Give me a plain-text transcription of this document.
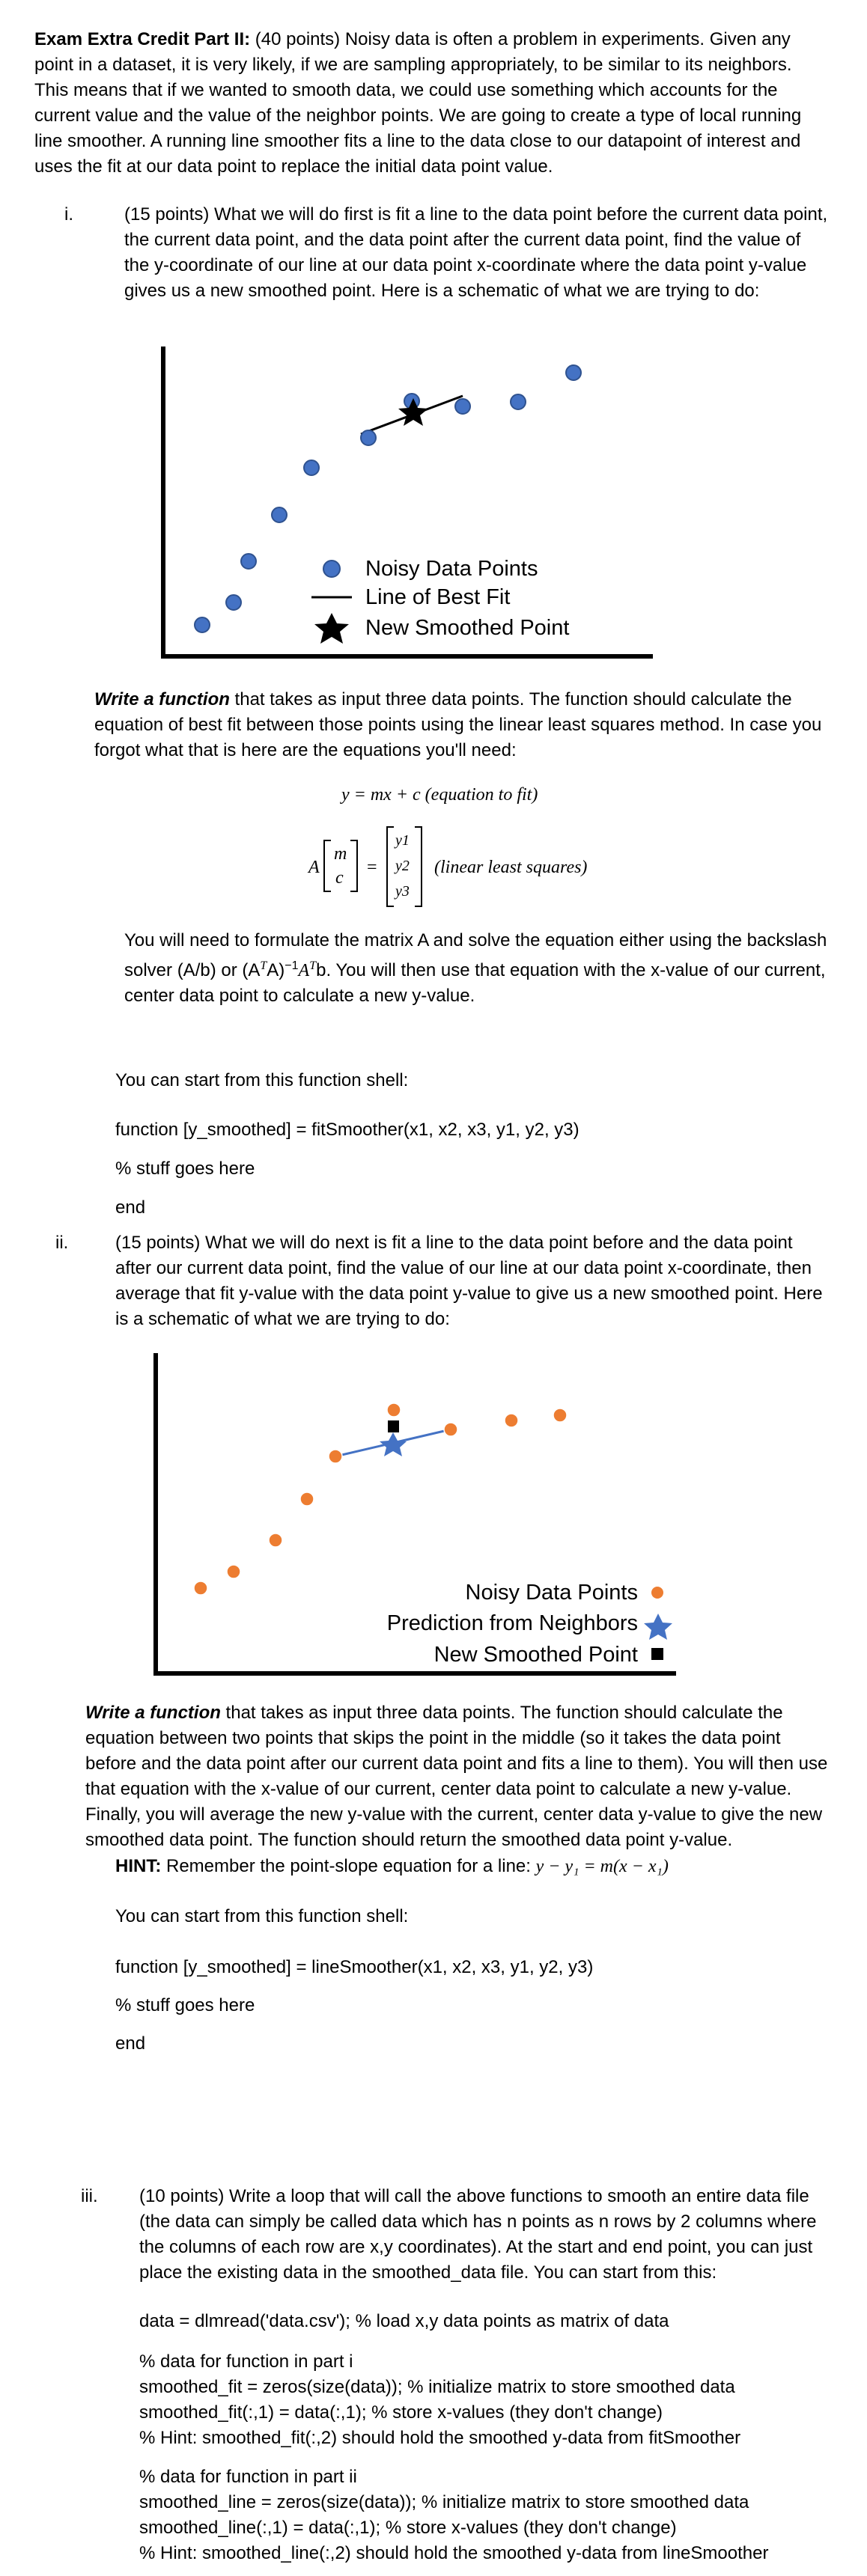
Exam Extra Credit Part II: (40 points) Noisy data is often a problem in experiments. Given any point in a dataset, it is very likely, if we are sampling appropriately, to be similar to its neighbors. This means that if we wanted to smooth data, we could use something which accounts for the current value and the value of the neighbor points. We are going to create a type of local running line smoother. A running line smoother fits a line to the data close to our datapoint of interest and uses the fit at our data point to replace the initial data point value.

i.	(15 points) What we will do first is fit a line to the data point before the current data point, the current data point, and the data point after the current data point, find the value of the y-coordinate of our line at our data point x-coordinate where the data point y-value gives us a new smoothed point. Here is a schematic of what we are trying to do:

Noisy Data Points
Line of Best Fit
New Smoothed Point

Write a function that takes as input three data points. The function should calculate the equation of best fit between those points using the linear least squares method. In case you forgot what that is here are the equations you'll need:

y = mx + c (equation to fit)

A
m
c
=
y1
y2
y3
(linear least squares)

You will need to formulate the matrix A and solve the equation either using the backslash solver (A/b) or $(A^TA)^{-1}A^Tb$. You will then use that equation with the x-value of our current, center data point to calculate a new y-value.

You can start from this function shell:

function [y_smoothed] = fitSmoother(x1, x2, x3, y1, y2, y3)

% stuff goes here

end

ii.	(15 points) What we will do next is fit a line to the data point before and the data point after our current data point, find the value of our line at our data point x-coordinate, then average that fit y-value with the data point y-value to give us a new smoothed point. Here is a schematic of what we are trying to do:

Noisy Data Points
Prediction from Neighbors
New Smoothed Point

Write a function that takes as input three data points. The function should calculate the equation between two points that skips the point in the middle (so it takes the data point before and the data point after our current data point and fits a line to them). You will then use that equation with the x-value of our current, center data point to calculate a new y-value. Finally, you will average the new y-value with the current, center data y-value to give the new smoothed data point. The function should return the smoothed data point y-value.

HINT: Remember the point-slope equation for a line: y − y₁ = m(x − x₁)

You can start from this function shell:

function [y_smoothed] = lineSmoother(x1, x2, x3, y1, y2, y3)

% stuff goes here

end

iii. (10 points) Write a loop that will call the above functions to smooth an entire data file (the data can simply be called data which has n points as n rows by 2 columns where the columns of each row are x,y coordinates). At the start and end point, you can just place the existing data in the smoothed_data file. You can start from this:

data = dlmread('data.csv'); % load x,y data points as matrix of data

% data for function in part i

smoothed_fit = zeros(size(data)); % initialize matrix to store smoothed data

smoothed_fit(:,1) = data(:,1); % store x-values (they don't change)

% Hint: smoothed_fit(:,2) should hold the smoothed y-data from fitSmoother

% data for function in part ii

smoothed_line = zeros(size(data)); % initialize matrix to store smoothed data

smoothed_line(:,1) = data(:,1); % store x-values (they don't change)

% Hint: smoothed_line(:,2) should hold the smoothed y-data from lineSmoother
